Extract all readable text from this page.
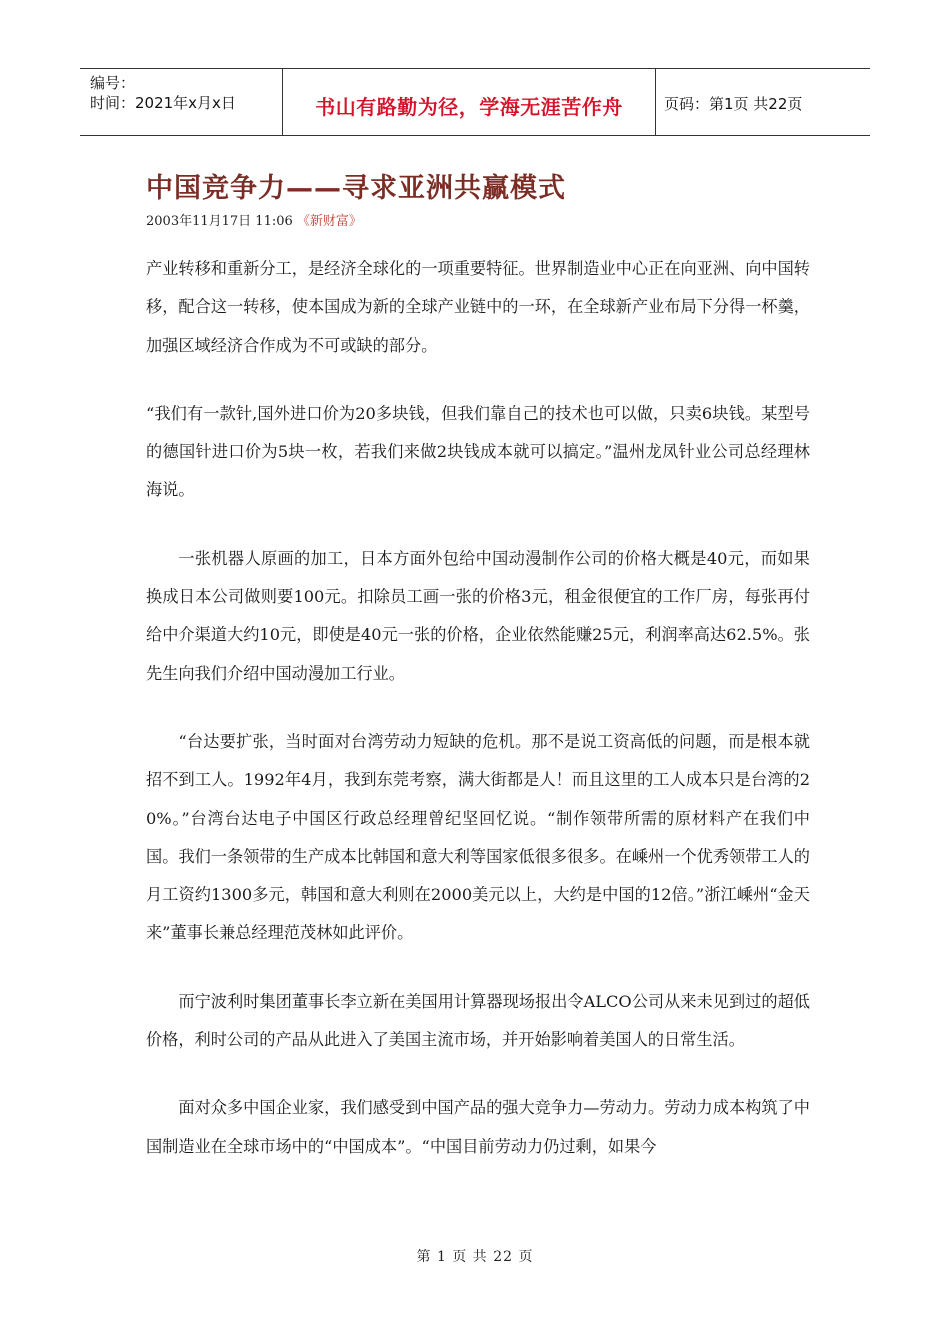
编号：
时间：2021年x月x日	书山有路勤为径，学海无涯苦作舟	页码：第1页 共22页
中国竞争力——寻求亚洲共赢模式
2003年11月17日 11:06 《新财富》

产业转移和重新分工，是经济全球化的一项重要特征。世界制造业中心正在向亚洲、向中国转移，配合这一转移，使本国成为新的全球产业链中的一环，在全球新产业布局下分得一杯羹，加强区域经济合作成为不可或缺的部分。

“我们有一款针,国外进口价为20多块钱，但我们靠自己的技术也可以做，只卖6块钱。某型号的德国针进口价为5块一枚，若我们来做2块钱成本就可以搞定。”温州龙凤针业公司总经理林海说。

一张机器人原画的加工，日本方面外包给中国动漫制作公司的价格大概是40元，而如果换成日本公司做则要100元。扣除员工画一张的价格3元，租金很便宜的工作厂房，每张再付给中介渠道大约10元，即使是40元一张的价格，企业依然能赚25元，利润率高达62.5%。张先生向我们介绍中国动漫加工行业。

“台达要扩张，当时面对台湾劳动力短缺的危机。那不是说工资高低的问题，而是根本就招不到工人。1992年4月，我到东莞考察，满大街都是人！而且这里的工人成本只是台湾的20%。”台湾台达电子中国区行政总经理曾纪坚回忆说。“制作领带所需的原材料产在我们中国。我们一条领带的生产成本比韩国和意大利等国家低很多很多。在嵊州一个优秀领带工人的月工资约1300多元，韩国和意大利则在2000美元以上，大约是中国的12倍。”浙江嵊州“金天来”董事长兼总经理范茂林如此评价。

而宁波利时集团董事长李立新在美国用计算器现场报出令ALCO公司从来未见到过的超低价格，利时公司的产品从此进入了美国主流市场，并开始影响着美国人的日常生活。

面对众多中国企业家，我们感受到中国产品的强大竞争力—劳动力。劳动力成本构筑了中国制造业在全球市场中的“中国成本”。“中国目前劳动力仍过剩，如果今

第 1 页 共 22 页
